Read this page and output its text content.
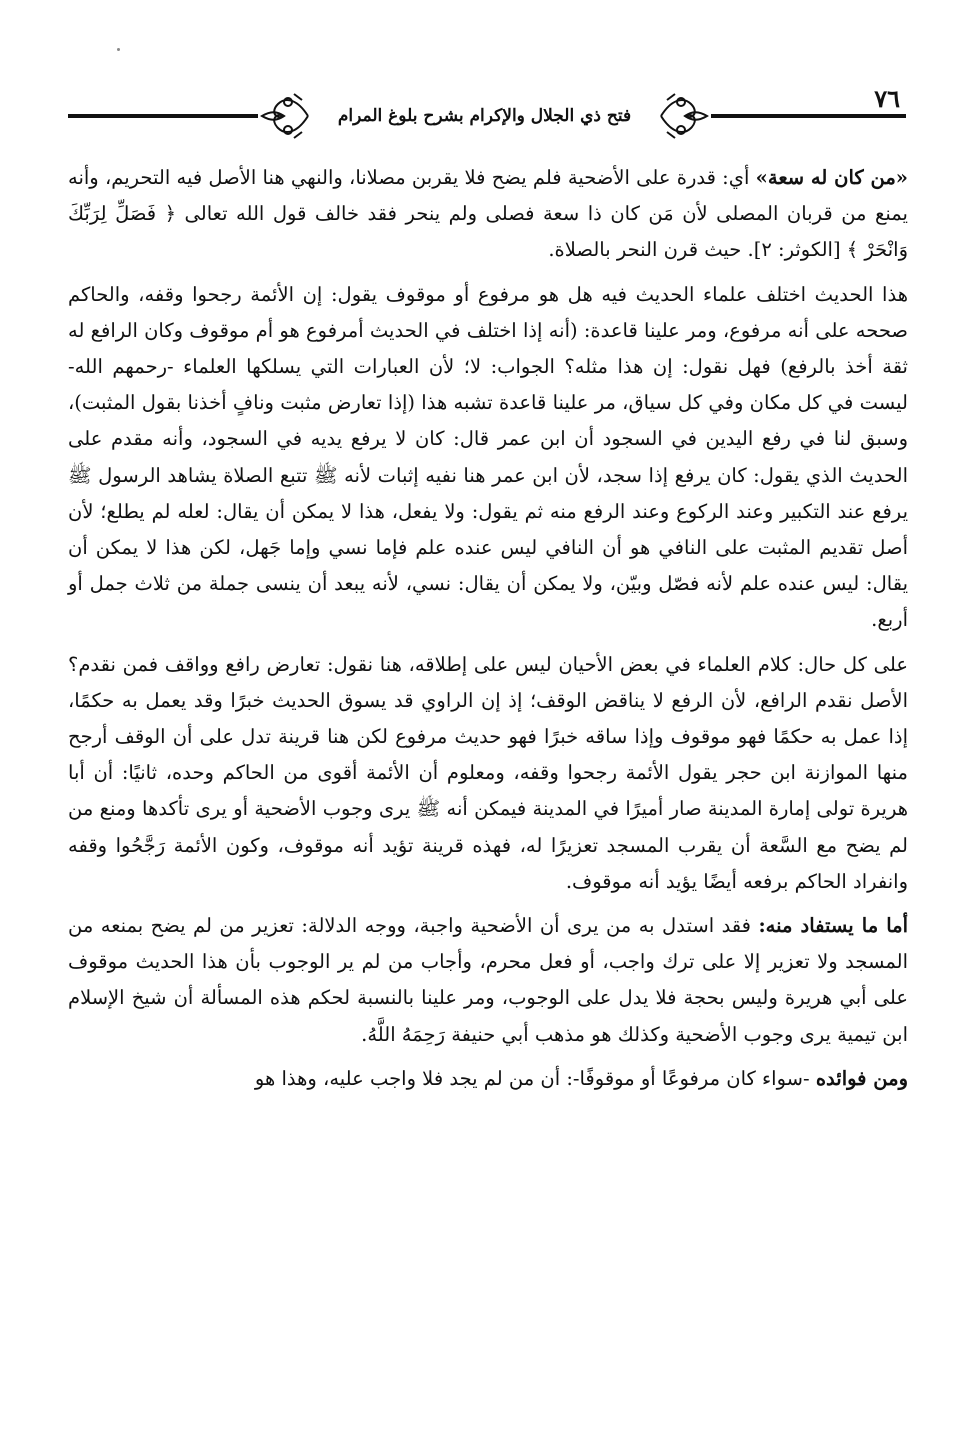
فتح ذي الجلال والإكرام بشرح بلوغ المرام
٧٦

«من كان له سعة» أي: قدرة على الأضحية فلم يضح فلا يقربن مصلانا، والنهي هنا الأصل فيه التحريم، وأنه يمنع من قربان المصلى لأن مَن كان ذا سعة فصلى ولم ينحر فقد خالف قول الله تعالى ﴿ فَصَلِّ لِرَبِّكَ وَانْحَرْ ﴾ [الكوثر: ٢]. حيث قرن النحر بالصلاة.

هذا الحديث اختلف علماء الحديث فيه هل هو مرفوع أو موقوف يقول: إن الأئمة رجحوا وقفه، والحاكم صححه على أنه مرفوع، ومر علينا قاعدة: (أنه إذا اختلف في الحديث أمرفوع هو أم موقوف وكان الرافع له ثقة أخذ بالرفع) فهل نقول: إن هذا مثله؟ الجواب: لا؛ لأن العبارات التي يسلكها العلماء -رحمهم الله- ليست في كل مكان وفي كل سياق، مر علينا قاعدة تشبه هذا (إذا تعارض مثبت ونافٍ أخذنا بقول المثبت)، وسبق لنا في رفع اليدين في السجود أن ابن عمر قال: كان لا يرفع يديه في السجود، وأنه مقدم على الحديث الذي يقول: كان يرفع إذا سجد، لأن ابن عمر هنا نفيه إثبات لأنه ﷺ تتبع الصلاة يشاهد الرسول ﷺ يرفع عند التكبير وعند الركوع وعند الرفع منه ثم يقول: ولا يفعل، هذا لا يمكن أن يقال: لعله لم يطلع؛ لأن أصل تقديم المثبت على النافي هو أن النافي ليس عنده علم فإما نسي وإما جَهل، لكن هذا لا يمكن أن يقال: ليس عنده علم لأنه فصّل وبيّن، ولا يمكن أن يقال: نسي، لأنه يبعد أن ينسى جملة من ثلاث جمل أو أربع.

على كل حال: كلام العلماء في بعض الأحيان ليس على إطلاقه، هنا نقول: تعارض رافع وواقف فمن نقدم؟ الأصل نقدم الرافع، لأن الرفع لا يناقض الوقف؛ إذ إن الراوي قد يسوق الحديث خبرًا وقد يعمل به حكمًا، إذا عمل به حكمًا فهو موقوف وإذا ساقه خبرًا فهو حديث مرفوع لكن هنا قرينة تدل على أن الوقف أرجح منها الموازنة ابن حجر يقول الأئمة رجحوا وقفه، ومعلوم أن الأئمة أقوى من الحاكم وحده، ثانيًا: أن أبا هريرة تولى إمارة المدينة صار أميرًا في المدينة فيمكن أنه ﷺ يرى وجوب الأضحية أو يرى تأكدها ومنع من لم يضح مع السَّعة أن يقرب المسجد تعزيرًا له، فهذه قرينة تؤيد أنه موقوف، وكون الأئمة رَجَّحُوا وقفه وانفراد الحاكم برفعه أيضًا يؤيد أنه موقوف.

أما ما يستفاد منه: فقد استدل به من يرى أن الأضحية واجبة، ووجه الدلالة: تعزير من لم يضح بمنعه من المسجد ولا تعزير إلا على ترك واجب، أو فعل محرم، وأجاب من لم ير الوجوب بأن هذا الحديث موقوف على أبي هريرة وليس بحجة فلا يدل على الوجوب، ومر علينا بالنسبة لحكم هذه المسألة أن شيخ الإسلام ابن تيمية يرى وجوب الأضحية وكذلك هو مذهب أبي حنيفة رَحِمَهُ اللَّهُ.

ومن فوائده -سواء كان مرفوعًا أو موقوفًا-: أن من لم يجد فلا واجب عليه، وهذا هو
